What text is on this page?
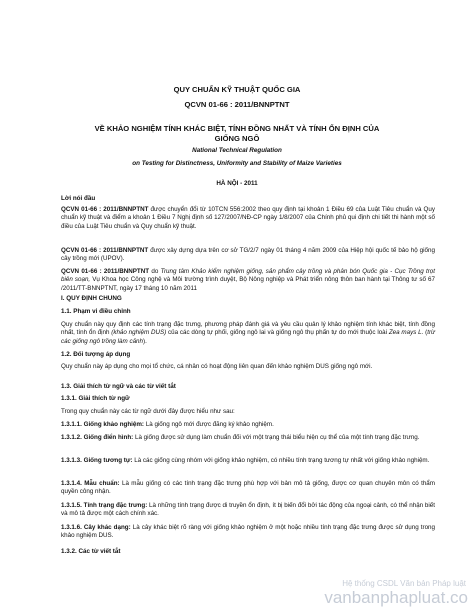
QUY CHUẨN KỸ THUẬT QUỐC GIA
QCVN 01-66 : 2011/BNNPTNT
VỀ KHẢO NGHIỆM TÍNH KHÁC BIỆT, TÍNH ĐỒNG NHẤT VÀ TÍNH ỔN ĐỊNH CỦA
GIỐNG NGÔ
National Technical Regulation
on Testing for Distinctness, Uniformity and Stability of Maize Varieties
HÀ NỘI - 2011
Lời nói đầu

QCVN 01-66 : 2011/BNNPTNT được chuyển đổi từ 10TCN 556:2002 theo quy định tại khoản 1 Điều 69 của Luật Tiêu chuẩn và Quy chuẩn kỹ thuật và điểm a khoản 1 Điều 7 Nghị định số 127/2007/NĐ-CP ngày 1/8/2007 của Chính phủ qui định chi tiết thi hành một số điều của Luật Tiêu chuẩn và Quy chuẩn kỹ thuật.

QCVN 01-66 : 2011/BNNPTNT được xây dựng dựa trên cơ sở TG/2/7 ngày 01 tháng 4 năm 2009 của Hiệp hội quốc tế bảo hộ giống cây trồng mới (UPOV).

QCVN 01-66 : 2011/BNNPTNT do Trung tâm Khảo kiểm nghiệm giống, sản phẩm cây trồng và phân bón Quốc gia - Cục Trồng trọt biên soạn, Vụ Khoa học Công nghệ và Môi trường trình duyệt, Bộ Nông nghiệp và Phát triển nông thôn ban hành tại Thông tư số 67 /2011/TT-BNNPTNT, ngày 17 tháng 10 năm 2011

I. QUY ĐỊNH CHUNG
1.1. Phạm vi điều chỉnh

Quy chuẩn này quy định các tính trạng đặc trưng, phương pháp đánh giá và yêu cầu quản lý khảo nghiệm tính khác biệt, tính đồng nhất, tính ổn định (khảo nghiệm DUS) của các dòng tự phối, giống ngô lai và giống ngô thụ phấn tự do mới thuộc loài Zea mays L. (trừ các giống ngô trồng làm cảnh).

1.2. Đối tượng áp dụng

Quy chuẩn này áp dụng cho mọi tổ chức, cá nhân có hoạt động liên quan đến khảo nghiệm DUS giống ngô mới.

1.3. Giải thích từ ngữ và các từ viết tắt
1.3.1. Giải thích từ ngữ

Trong quy chuẩn này các từ ngữ dưới đây được hiểu như sau:

1.3.1.1. Giống khảo nghiệm: Là giống ngô mới được đăng ký khảo nghiệm.

1.3.1.2. Giống điển hình: Là giống được sử dụng làm chuẩn đối với một trạng thái biểu hiện cụ thể của một tính trạng đặc trưng.

1.3.1.3. Giống tương tự: Là các giống cùng nhóm với giống khảo nghiệm, có nhiều tính trạng tương tự nhất với giống khảo nghiệm.

1.3.1.4. Mẫu chuẩn: Là mẫu giống có các tính trạng đặc trưng phù hợp với bản mô tả giống, được cơ quan chuyên môn có thẩm quyền công nhận.

1.3.1.5. Tính trạng đặc trưng: Là những tính trạng được di truyền ổn định, ít bị biến đổi bởi tác động của ngoại cảnh, có thể nhận biết và mô tả được một cách chính xác.

1.3.1.6. Cây khác dạng: Là cây khác biệt rõ ràng với giống khảo nghiệm ở một hoặc nhiều tính trạng đặc trưng được sử dụng trong khảo nghiệm DUS.

1.3.2. Các từ viết tắt
Hệ thống CSDL Văn bản Pháp luật
vanbanphapluat.co
